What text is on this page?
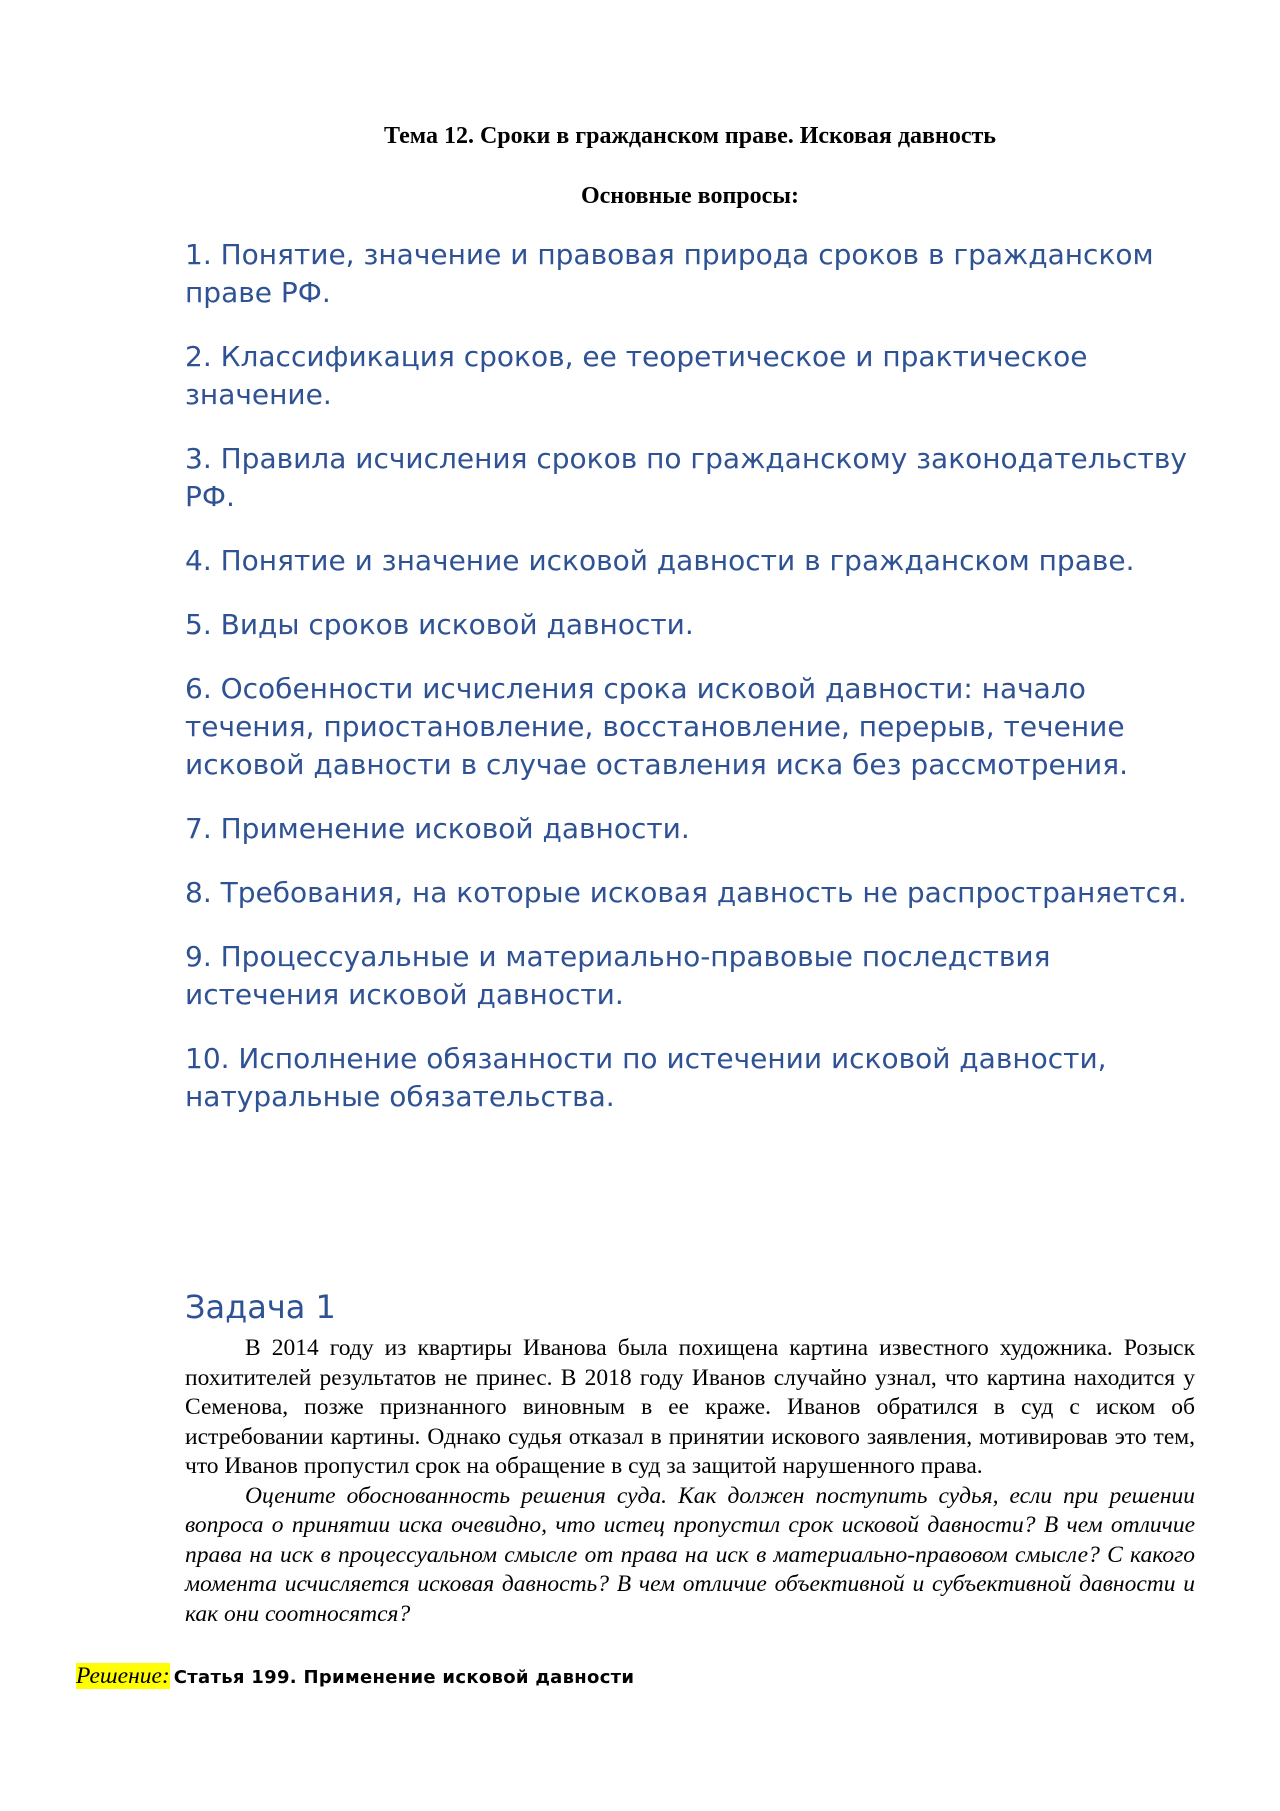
Тема 12. Сроки в гражданском праве. Исковая давность
Основные вопросы:
1. Понятие, значение и правовая природа сроков в гражданском праве РФ.
2. Классификация сроков, ее теоретическое и практическое значение.
3. Правила исчисления сроков по гражданскому законодательству РФ.
4. Понятие и значение исковой давности в гражданском праве.
5. Виды сроков исковой давности.
6. Особенности исчисления срока исковой давности: начало течения, приостановление, восстановление, перерыв, течение исковой давности в случае оставления иска без рассмотрения.
7. Применение исковой давности.
8. Требования, на которые исковая давность не распространяется.
9. Процессуальные и материально-правовые последствия истечения исковой давности.
10. Исполнение обязанности по истечении исковой давности, натуральные обязательства.
Задача 1

В 2014 году из квартиры Иванова была похищена картина известного художника. Розыск похитителей результатов не принес. В 2018 году Иванов случайно узнал, что картина находится у Семенова, позже признанного виновным в ее краже. Иванов обратился в суд с иском об истребовании картины. Однако судья отказал в принятии искового заявления, мотивировав это тем, что Иванов пропустил срок на обращение в суд за защитой нарушенного права.

Оцените обоснованность решения суда. Как должен поступить судья, если при решении вопроса о принятии иска очевидно, что истец пропустил срок исковой давности? В чем отличие права на иск в процессуальном смысле от права на иск в материально-правовом смысле? С какого момента исчисляется исковая давность? В чем отличие объективной и субъективной давности и как они соотносятся?

Решение: Статья 199. Применение исковой давности
